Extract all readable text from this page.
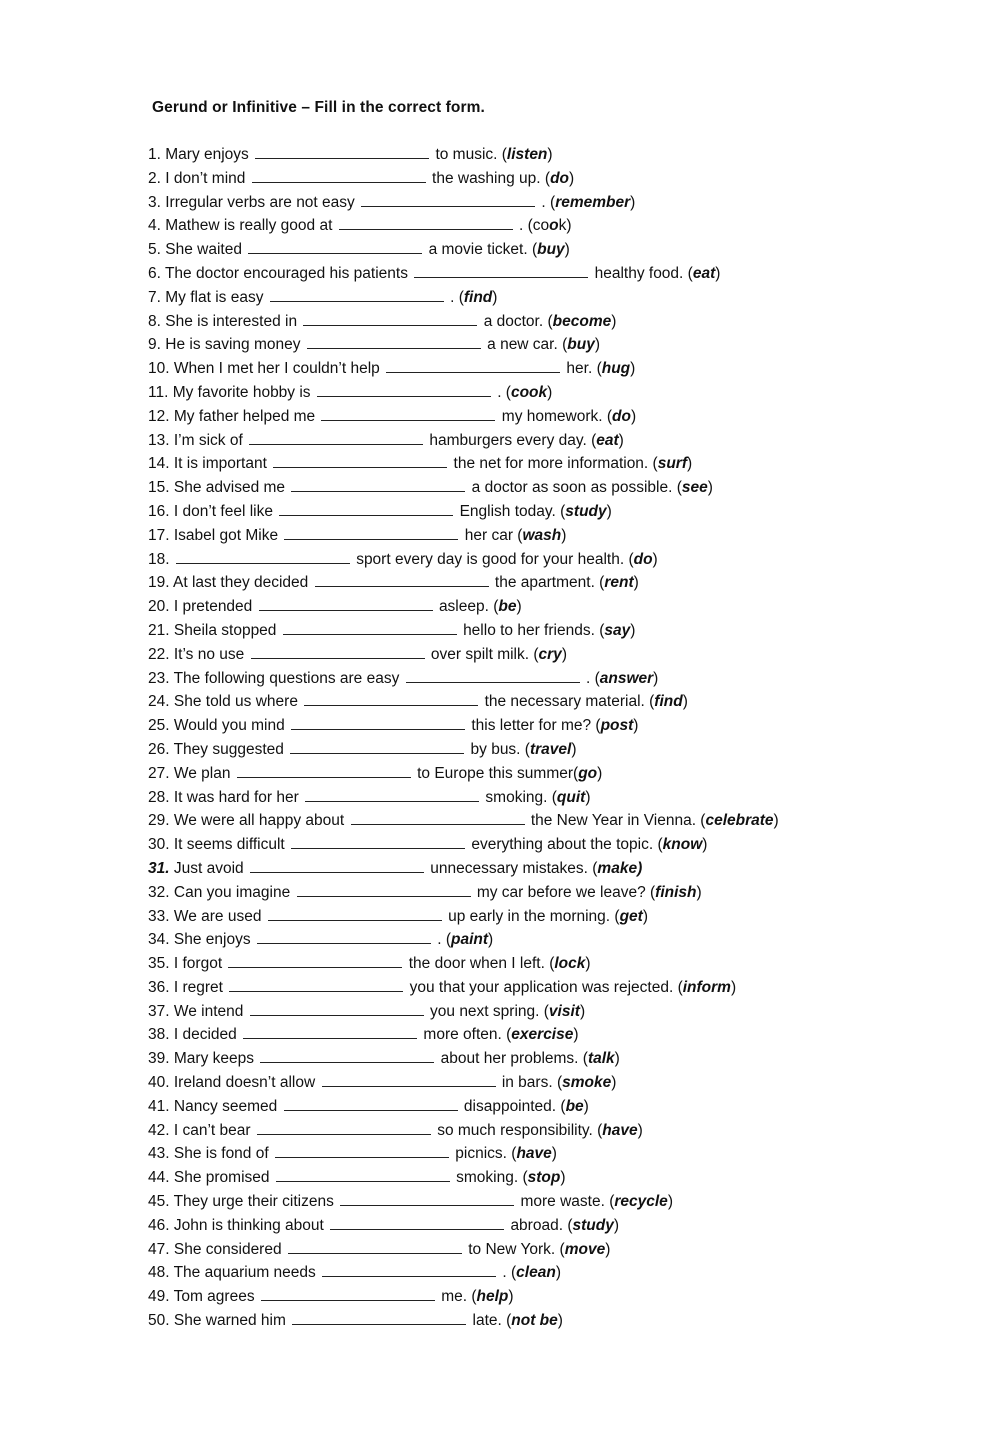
Gerund or Infinitive – Fill in the correct form.
1. Mary enjoys	to music. (listen)
2. I don’t mind	the washing up. (do)
3. Irregular verbs are not easy	. (remember)
4. Mathew is really good at	. (cook)
5. She waited	a movie ticket. (buy)
6. The doctor encouraged his patients	healthy food. (eat)
7. My flat is easy	. (find)
8. She is interested in	a doctor. (become)
9. He is saving money	a new car. (buy)
10. When I met her I couldn’t help	her. (hug)
11. My favorite hobby is	. (cook)
12. My father helped me	my homework. (do)
13. I’m sick of	hamburgers every day. (eat)
14. It is important	the net for more information. (surf)
15. She advised me	a doctor as soon as possible. (see)
16. I don’t feel like	English today. (study)
17. Isabel got Mike	her car (wash)
18.	sport every day is good for your health. (do)
19. At last they decided	the apartment. (rent)
20. I pretended	asleep. (be)
21. Sheila stopped	hello to her friends. (say)
22. It’s no use	over spilt milk. (cry)
23. The following questions are easy	. (answer)
24. She told us where	the necessary material. (find)
25. Would you mind	this letter for me? (post)
26. They suggested	by bus. (travel)
27. We plan	to Europe this summer(go)
28. It was hard for her	smoking. (quit)
29. We were all happy about	the New Year in Vienna. (celebrate)
30. It seems difficult	everything about the topic. (know)
31. Just avoid	unnecessary mistakes. (make)
32. Can you imagine	my car before we leave? (finish)
33. We are used	up early in the morning. (get)
34. She enjoys	. (paint)
35. I forgot	the door when I left. (lock)
36. I regret	you that your application was rejected. (inform)
37. We intend	you next spring. (visit)
38. I decided	more often. (exercise)
39. Mary keeps	about her problems. (talk)
40. Ireland doesn’t allow	in bars. (smoke)
41. Nancy seemed	disappointed. (be)
42. I can’t bear	so much responsibility. (have)
43. She is fond of	picnics. (have)
44. She promised	smoking. (stop)
45. They urge their citizens	more waste. (recycle)
46. John is thinking about	abroad. (study)
47. She considered	to New York. (move)
48. The aquarium needs	. (clean)
49. Tom agrees	me. (help)
50. She warned him	late. (not be)
